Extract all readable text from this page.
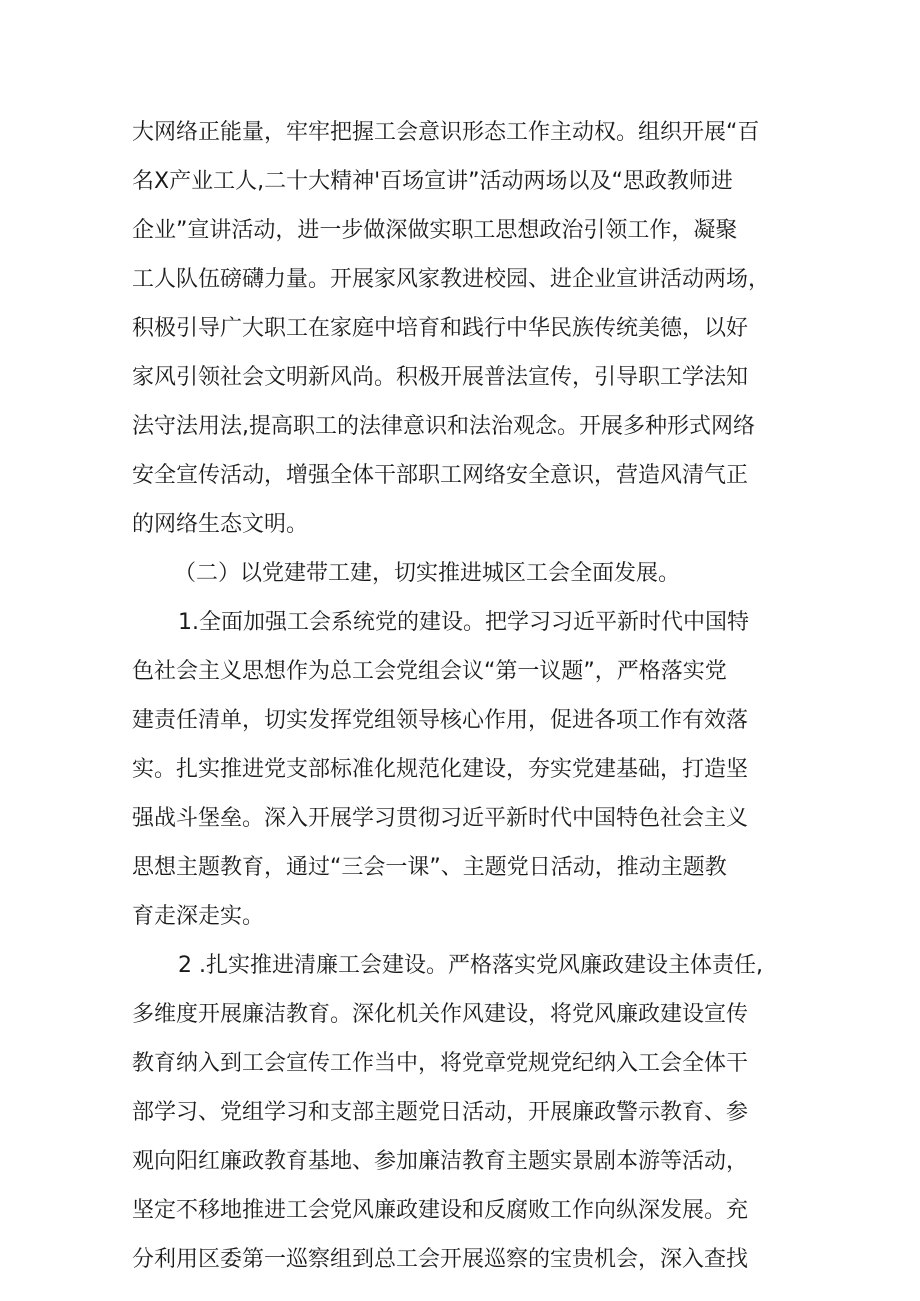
大网络正能量，牢牢把握工会意识形态工作主动权。组织开展“百
名X产业工人,二十大精神'百场宣讲”活动两场以及“思政教师进
企业”宣讲活动，进一步做深做实职工思想政治引领工作，凝聚
工人队伍磅礴力量。开展家风家教进校园、进企业宣讲活动两场，
积极引导广大职工在家庭中培育和践行中华民族传统美德，以好
家风引领社会文明新风尚。积极开展普法宣传，引导职工学法知
法守法用法,提高职工的法律意识和法治观念。开展多种形式网络
安全宣传活动，增强全体干部职工网络安全意识，营造风清气正
的网络生态文明。
（二）以党建带工建，切实推进城区工会全面发展。
1.全面加强工会系统党的建设。把学习习近平新时代中国特
色社会主义思想作为总工会党组会议“第一议题”，严格落实党
建责任清单，切实发挥党组领导核心作用，促进各项工作有效落
实。扎实推进党支部标准化规范化建设，夯实党建基础，打造坚
强战斗堡垒。深入开展学习贯彻习近平新时代中国特色社会主义
思想主题教育，通过“三会一课”、主题党日活动，推动主题教
育走深走实。
2 .扎实推进清廉工会建设。严格落实党风廉政建设主体责任,
多维度开展廉洁教育。深化机关作风建设，将党风廉政建设宣传
教育纳入到工会宣传工作当中，将党章党规党纪纳入工会全体干
部学习、党组学习和支部主题党日活动，开展廉政警示教育、参
观向阳红廉政教育基地、参加廉洁教育主题实景剧本游等活动，
坚定不移地推进工会党风廉政建设和反腐败工作向纵深发展。充
分利用区委第一巡察组到总工会开展巡察的宝贵机会，深入查找
